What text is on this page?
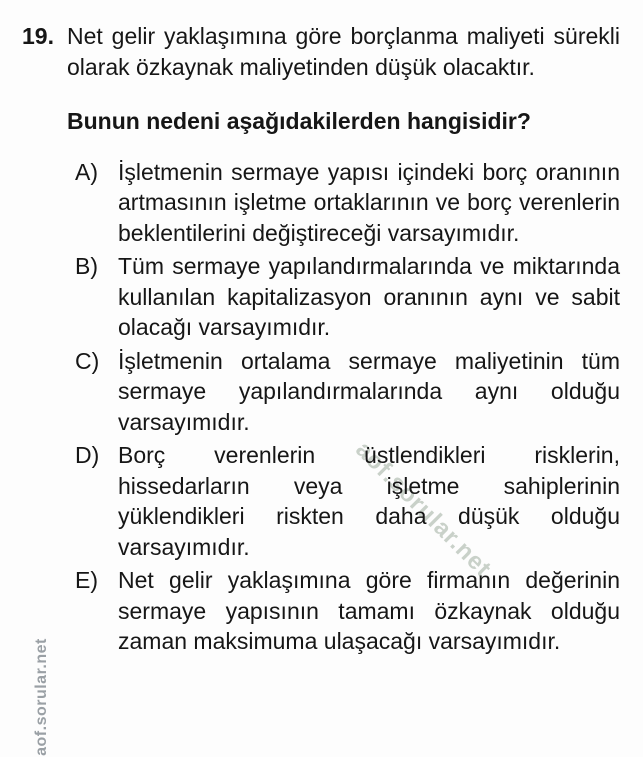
aof.sorular.net
aof.sorular.net
19. Net gelir yaklaşımına göre borçlanma maliyeti sürekli olarak özkaynak maliyetinden düşük olacaktır.
Bunun nedeni aşağıdakilerden hangisidir?
A) İşletmenin sermaye yapısı içindeki borç oranının artmasının işletme ortaklarının ve borç verenlerin beklentilerini değiştireceği varsayımıdır.
B) Tüm sermaye yapılandırmalarında ve miktarında kullanılan kapitalizasyon oranının aynı ve sabit olacağı varsayımıdır.
C) İşletmenin ortalama sermaye maliyetinin tüm sermaye yapılandırmalarında aynı olduğu varsayımıdır.
D) Borç verenlerin üstlendikleri risklerin, hissedarların veya işletme sahiplerinin yüklendikleri riskten daha düşük olduğu varsayımıdır.
E) Net gelir yaklaşımına göre firmanın değerinin sermaye yapısının tamamı özkaynak olduğu zaman maksimuma ulaşacağı varsayımıdır.
